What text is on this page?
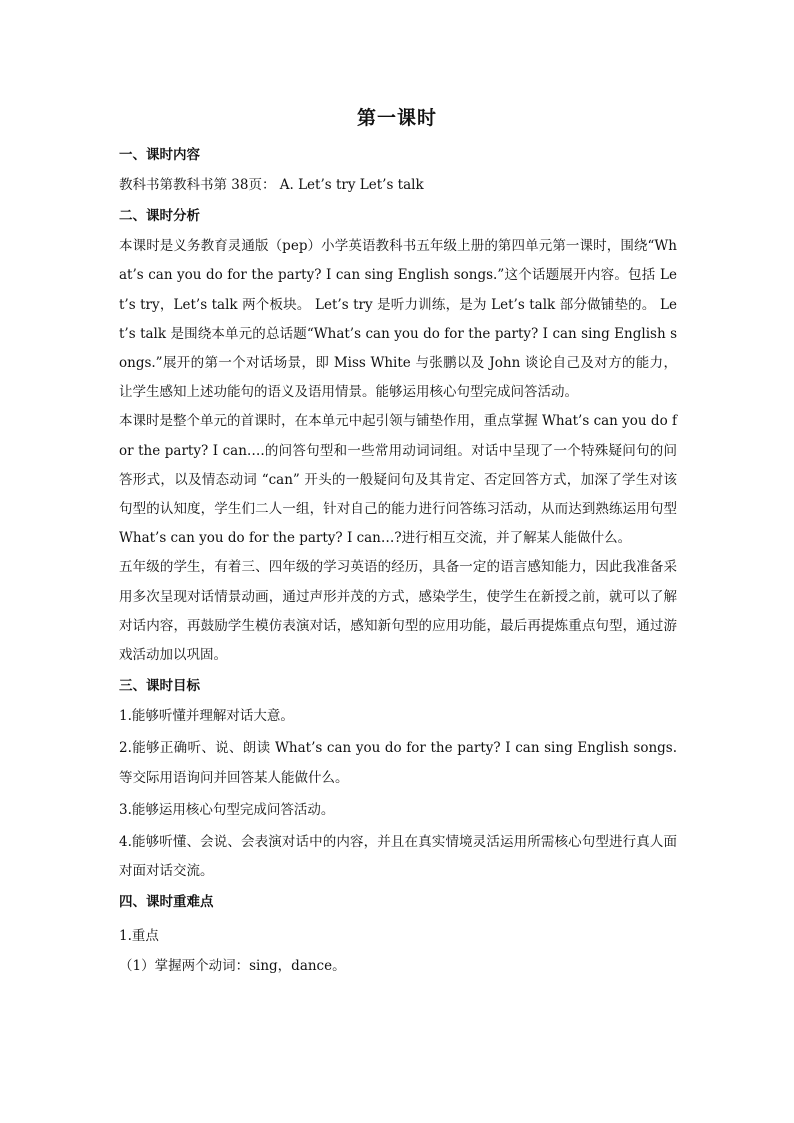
第一课时

一、课时内容

教科书第教科书第 38页： A. Let’s try Let’s talk

二、课时分析

本课时是义务教育灵通版（pep）小学英语教科书五年级上册的第四单元第一课时，围绕“What’s can you do for the party? I can sing English songs.”这个话题展开内容。包括 Let’s try，Let’s talk 两个板块。 Let’s try 是听力训练，是为 Let’s talk 部分做铺垫的。 Let’s talk 是围绕本单元的总话题“What’s can you do for the party? I can sing English songs.”展开的第一个对话场景，即 Miss White 与张鹏以及 John 谈论自己及对方的能力，让学生感知上述功能句的语义及语用情景。能够运用核心句型完成问答活动。

本课时是整个单元的首课时，在本单元中起引领与铺垫作用，重点掌握 What’s can you do for the party? I can….的问答句型和一些常用动词词组。对话中呈现了一个特殊疑问句的问答形式，以及情态动词 “can” 开头的一般疑问句及其肯定、否定回答方式，加深了学生对该句型的认知度，学生们二人一组，针对自己的能力进行问答练习活动，从而达到熟练运用句型 What’s can you do for the party? I can…?进行相互交流，并了解某人能做什么。

五年级的学生，有着三、四年级的学习英语的经历，具备一定的语言感知能力，因此我准备采用多次呈现对话情景动画，通过声形并茂的方式，感染学生，使学生在新授之前，就可以了解对话内容，再鼓励学生模仿表演对话，感知新句型的应用功能，最后再提炼重点句型，通过游戏活动加以巩固。

三、课时目标

1.能够听懂并理解对话大意。

2.能够正确听、说、朗读 What’s can you do for the party? I can sing English songs.等交际用语询问并回答某人能做什么。

3.能够运用核心句型完成问答活动。

4.能够听懂、会说、会表演对话中的内容，并且在真实情境灵活运用所需核心句型进行真人面对面对话交流。

四、课时重难点

1.重点

（1）掌握两个动词：sing，dance。
